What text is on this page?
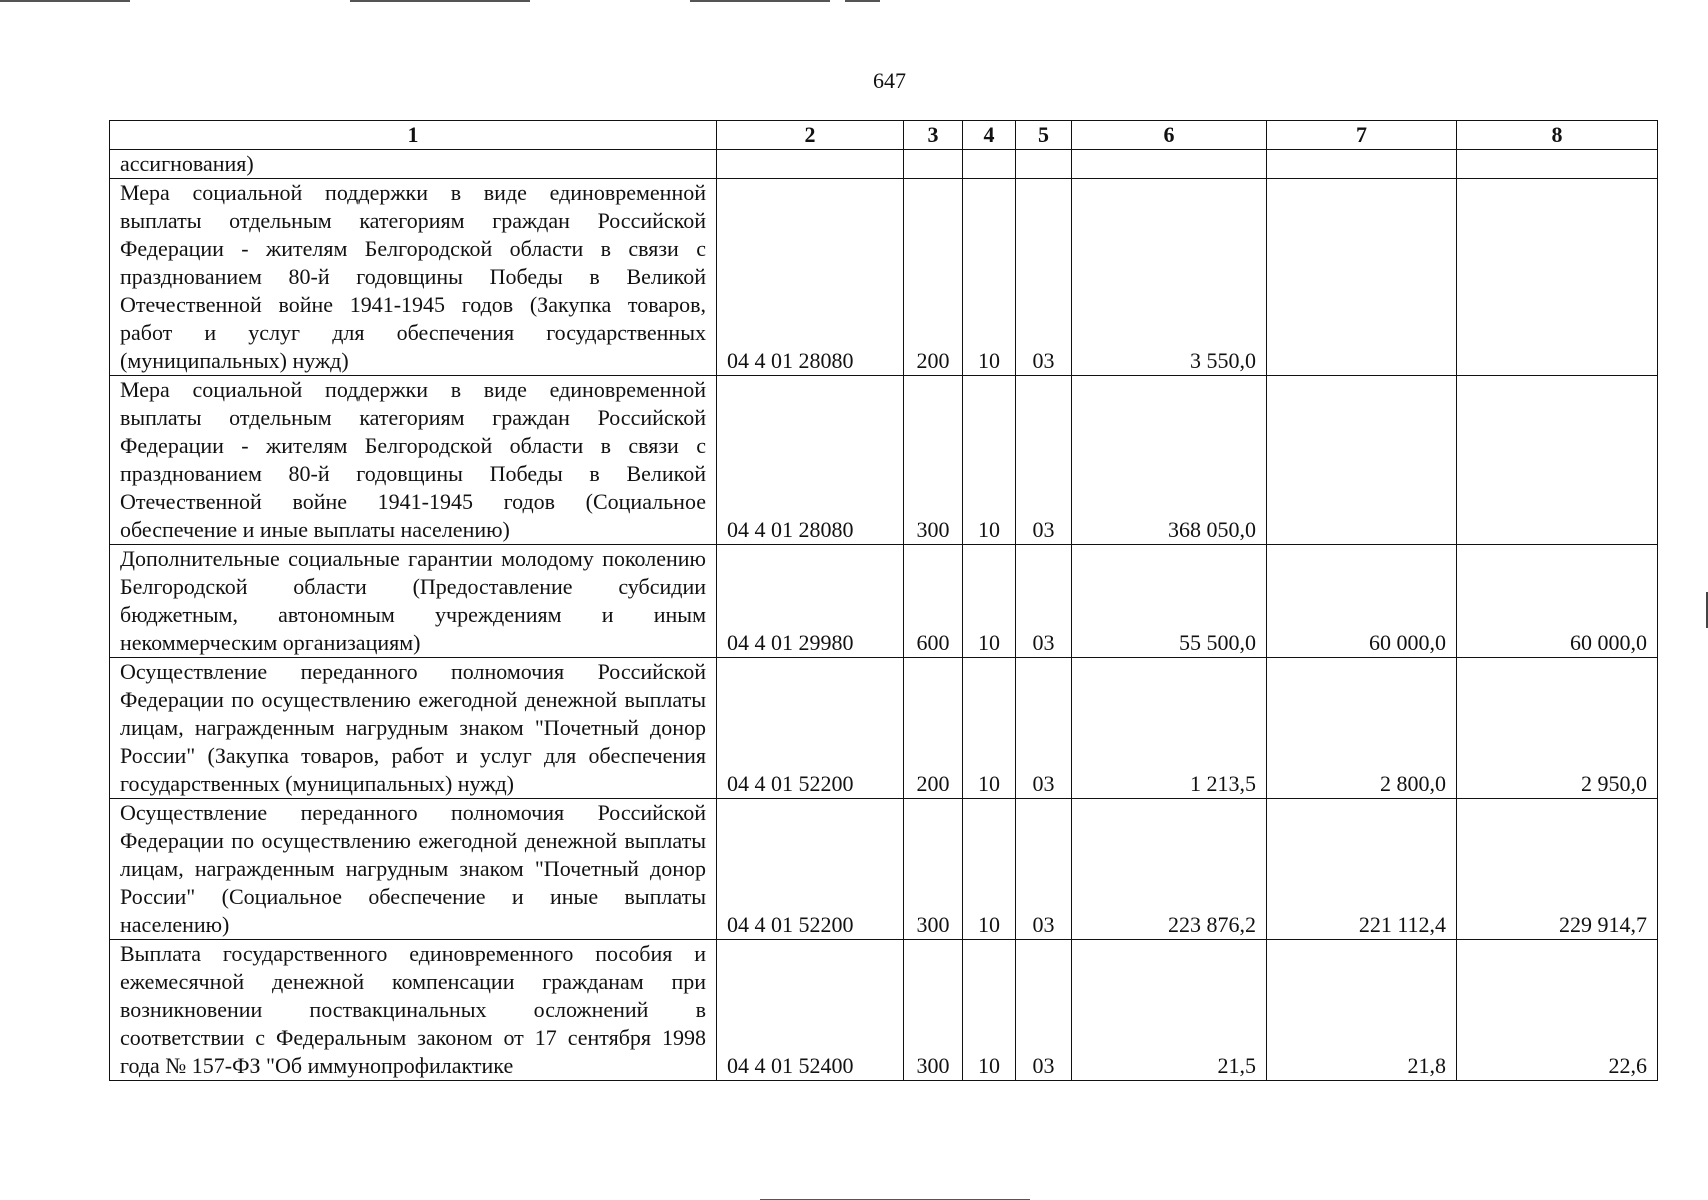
647
1	2	3	4	5	6	7	8
ассигнования)							
Мера социальной поддержки в виде единовременной выплаты отдельным категориям граждан Российской Федерации - жителям Белгородской области в связи с празднованием 80-й годовщины Победы в Великой Отечественной войне 1941-1945 годов (Закупка товаров, работ и услуг для обеспечения государственных (муниципальных) нужд)	04 4 01 28080	200	10	03	3 550,0		
Мера социальной поддержки в виде единовременной выплаты отдельным категориям граждан Российской Федерации - жителям Белгородской области в связи с празднованием 80-й годовщины Победы в Великой Отечественной войне 1941-1945 годов (Социальное обеспечение и иные выплаты населению)	04 4 01 28080	300	10	03	368 050,0		
Дополнительные социальные гарантии молодому поколению Белгородской области (Предоставление субсидии бюджетным, автономным учреждениям и иным некоммерческим организациям)	04 4 01 29980	600	10	03	55 500,0	60 000,0	60 000,0
Осуществление переданного полномочия Российской Федерации по осуществлению ежегодной денежной выплаты лицам, награжденным нагрудным знаком "Почетный донор России" (Закупка товаров, работ и услуг для обеспечения государственных (муниципальных) нужд)	04 4 01 52200	200	10	03	1 213,5	2 800,0	2 950,0
Осуществление переданного полномочия Российской Федерации по осуществлению ежегодной денежной выплаты лицам, награжденным нагрудным знаком "Почетный донор России" (Социальное обеспечение и иные выплаты населению)	04 4 01 52200	300	10	03	223 876,2	221 112,4	229 914,7
Выплата государственного единовременного пособия и ежемесячной денежной компенсации гражданам при возникновении поствакцинальных осложнений в соответствии с Федеральным законом от 17 сентября 1998 года № 157-ФЗ "Об иммунопрофилактике	04 4 01 52400	300	10	03	21,5	21,8	22,6
